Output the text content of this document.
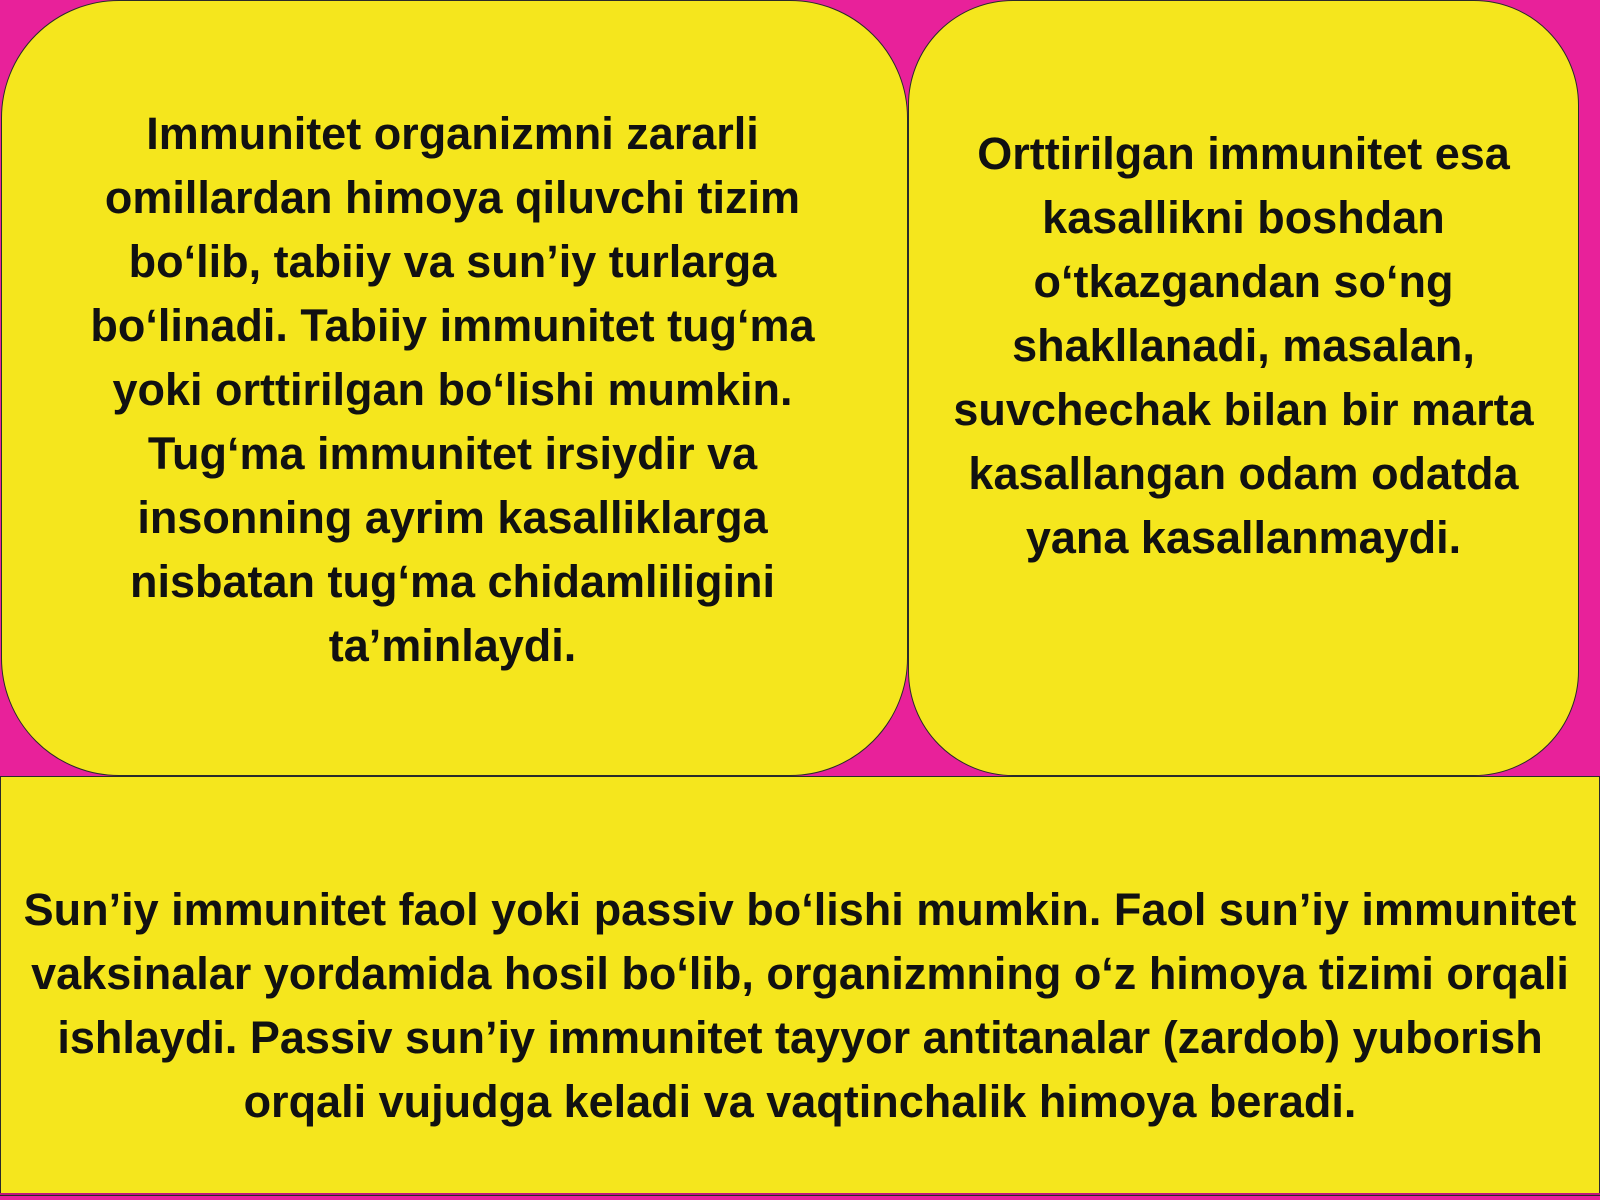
Immunitet organizmni zararli omillardan himoya qiluvchi tizim bo‘lib, tabiiy va sun’iy turlarga bo‘linadi. Tabiiy immunitet tug‘ma yoki orttirilgan bo‘lishi mumkin. Tug‘ma immunitet irsiydir va insonning ayrim kasalliklarga nisbatan tug‘ma chidamliligini ta’minlaydi.

Orttirilgan immunitet esa kasallikni boshdan o‘tkazgandan so‘ng shakllanadi, masalan, suvchechak bilan bir marta kasallangan odam odatda yana kasallanmaydi.

Sun’iy immunitet faol yoki passiv bo‘lishi mumkin. Faol sun’iy immunitet vaksinalar yordamida hosil bo‘lib, organizmning o‘z himoya tizimi orqali ishlaydi. Passiv sun’iy immunitet tayyor antitanalar (zardob) yuborish orqali vujudga keladi va vaqtinchalik himoya beradi.
